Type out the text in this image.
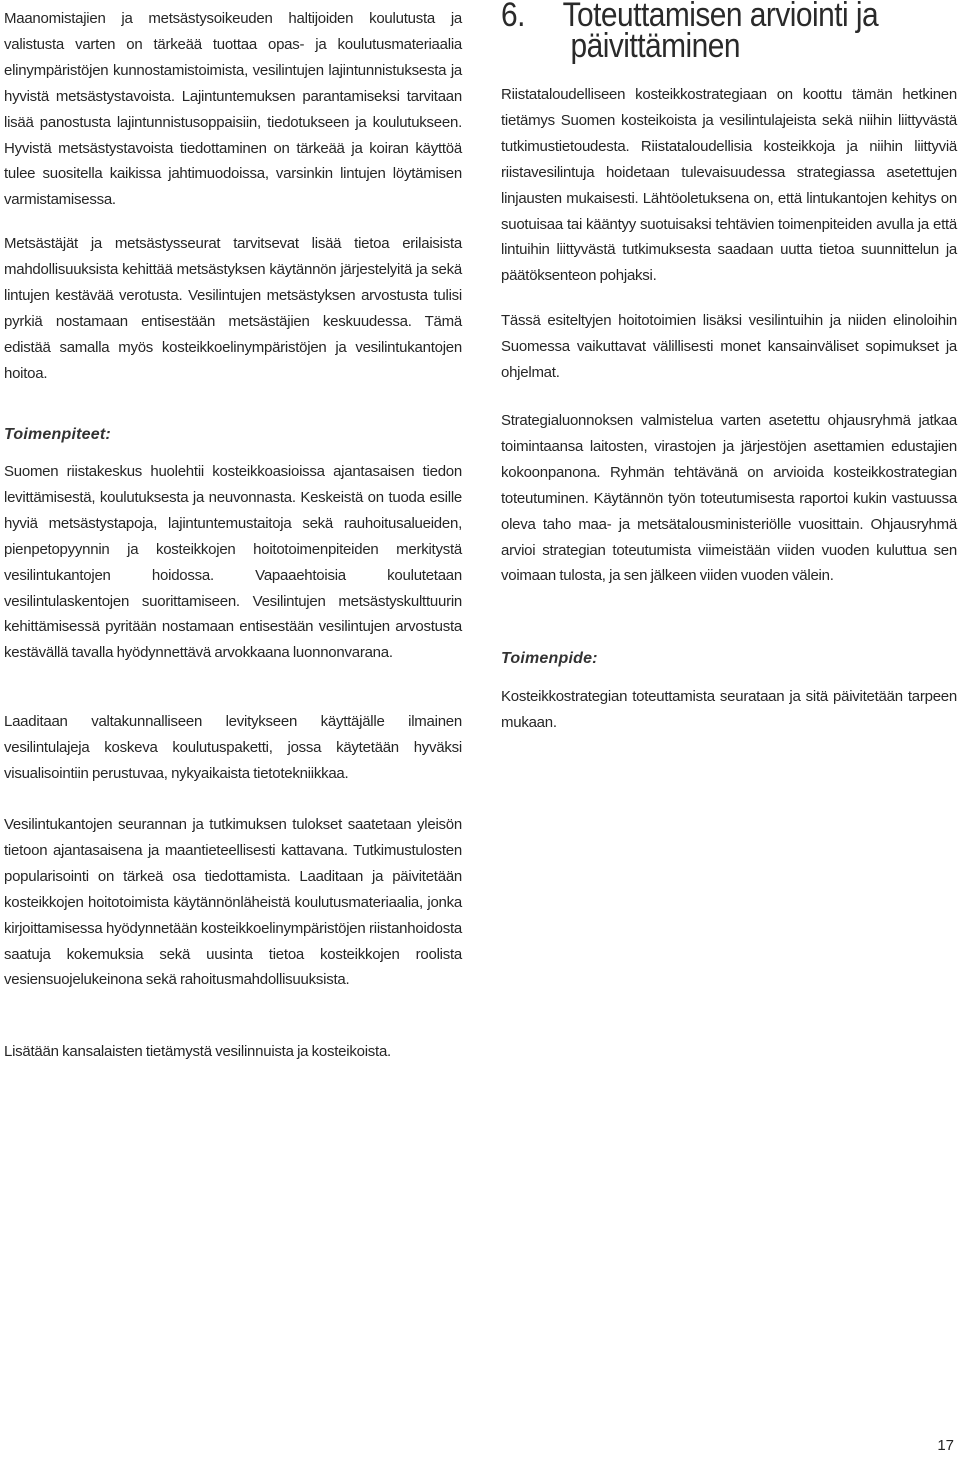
Maanomistajien ja metsästysoikeuden haltijoiden koulutusta ja valistusta varten on tärkeää tuottaa opas- ja koulutusmateriaalia elinympäristöjen kunnostamistoimista, vesilintujen lajintunnistuksesta ja hyvistä metsästystavoista. Lajintuntemuksen parantamiseksi tarvitaan lisää panostusta lajintunnistusoppaisiin, tiedotukseen ja koulutukseen. Hyvistä metsästystavoista tiedottaminen on tärkeää ja koiran käyttöä tulee suositella kaikissa jahtimuodoissa, varsinkin lintujen löytämisen varmistamisessa.

Metsästäjät ja metsästysseurat tarvitsevat lisää tietoa erilaisista mahdollisuuksista kehittää metsästyksen käytännön järjestelyitä ja sekä lintujen kestävää verotusta. Vesilintujen metsästyksen arvostusta tulisi pyrkiä nostamaan entisestään metsästäjien keskuudessa. Tämä edistää samalla myös kosteikkoelinympäristöjen ja vesilintukantojen hoitoa.

Toimenpiteet:

Suomen riistakeskus huolehtii kosteikkoasioissa ajantasaisen tiedon levittämisestä, koulutuksesta ja neuvonnasta. Keskeistä on tuoda esille hyviä metsästystapoja, lajintuntemustaitoja sekä rauhoitusalueiden, pienpetopyynnin ja kosteikkojen hoitotoimenpiteiden merkitystä vesilintukantojen hoidossa. Vapaaehtoisia koulutetaan vesilintulaskentojen suorittamiseen. Vesilintujen metsästyskulttuurin kehittämisessä pyritään nostamaan entisestään vesilintujen arvostusta kestävällä tavalla hyödynnettävä arvokkaana luonnonvarana.

Laaditaan valtakunnalliseen levitykseen käyttäjälle ilmainen vesilintulajeja koskeva koulutuspaketti, jossa käytetään hyväksi visualisointiin perustuvaa, nykyaikaista tietotekniikkaa.

Vesilintukantojen seurannan ja tutkimuksen tulokset saatetaan yleisön tietoon ajantasaisena ja maantieteellisesti kattavana. Tutkimustulosten popularisointi on tärkeä osa tiedottamista. Laaditaan ja päivitetään kosteikkojen hoitotoimista käytännönläheistä koulutusmateriaalia, jonka kirjoittamisessa hyödynnetään kosteikkoelinympäristöjen riistanhoidosta saatuja kokemuksia sekä uusinta tietoa kosteikkojen roolista vesiensuojelukeinona sekä rahoitusmahdollisuuksista.

Lisätään kansalaisten tietämystä vesilinnuista ja kosteikoista.

6. Toteuttamisen arviointi ja
päivittäminen

Riistataloudelliseen kosteikkostrategiaan on koottu tämän hetkinen tietämys Suomen kosteikoista ja vesilintulajeista sekä niihin liittyvästä tutkimustietoudesta. Riistataloudellisia kosteikkoja ja niihin liittyviä riistavesilintuja hoidetaan tulevaisuudessa strategiassa asetettujen linjausten mukaisesti. Lähtöoletuksena on, että lintukantojen kehitys on suotuisaa tai kääntyy suotuisaksi tehtävien toimenpiteiden avulla ja että lintuihin liittyvästä tutkimuksesta saadaan uutta tietoa suunnittelun ja päätöksenteon pohjaksi.

Tässä esiteltyjen hoitotoimien lisäksi vesilintuihin ja niiden elinoloihin Suomessa vaikuttavat välillisesti monet kansainväliset sopimukset ja ohjelmat.

Strategialuonnoksen valmistelua varten asetettu ohjausryhmä jatkaa toimintaansa laitosten, virastojen ja järjestöjen asettamien edustajien kokoonpanona. Ryhmän tehtävänä on arvioida kosteikkostrategian toteutuminen. Käytännön työn toteutumisesta raportoi kukin vastuussa oleva taho maa- ja metsätalousministeriölle vuosittain. Ohjausryhmä arvioi strategian toteutumista viimeistään viiden vuoden kuluttua sen voimaan tulosta, ja sen jälkeen viiden vuoden välein.

Toimenpide:

Kosteikkostrategian toteuttamista seurataan ja sitä päivitetään tarpeen mukaan.

17
